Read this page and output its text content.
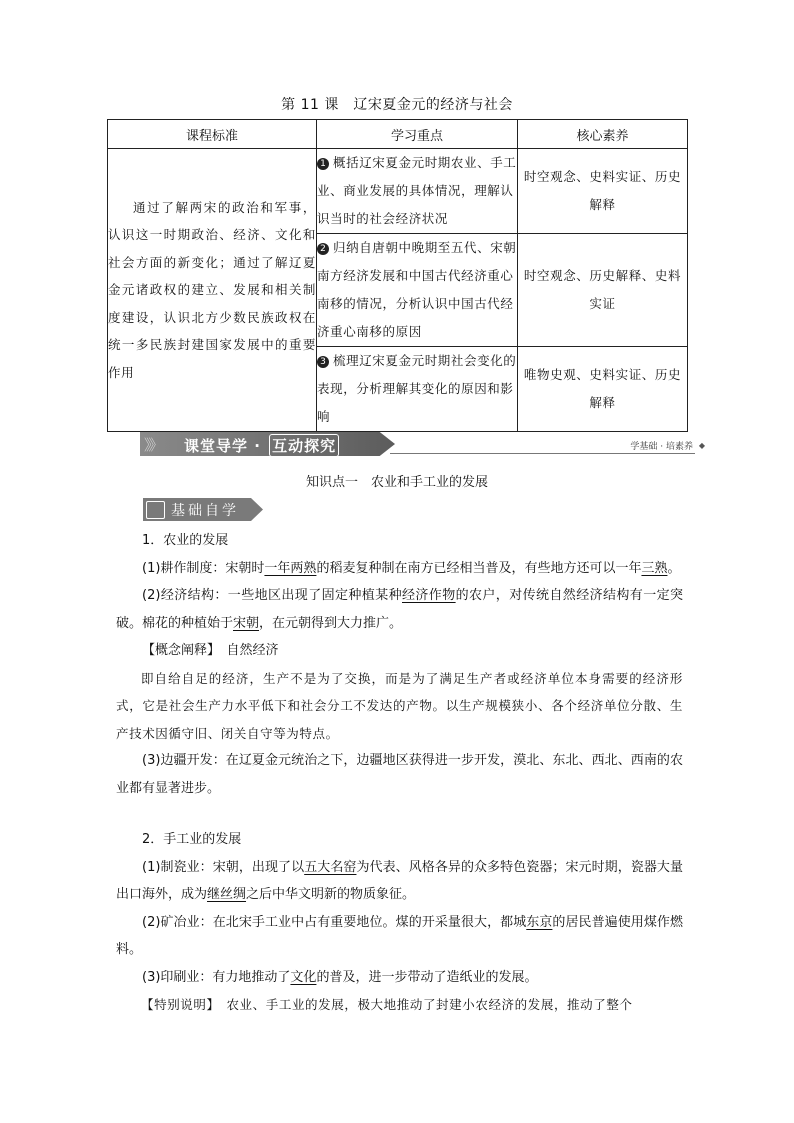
第 11 课　辽宋夏金元的经济与社会
课程标准	学习重点	核心素养

通过了解两宋的政治和军事，认识这一时期政治、经济、文化和社会方面的新变化；通过了解辽夏金元诸政权的建立、发展和相关制度建设，认识北方少数民族政权在统一多民族封建国家发展中的重要作用	1 概括辽宋夏金元时期农业、手工业、商业发展的具体情况，理解认识当时的社会经济状况	时空观念、史料实证、历史解释
	2 归纳自唐朝中晚期至五代、宋朝南方经济发展和中国古代经济重心南移的情况，分析认识中国古代经济重心南移的原因	时空观念、历史解释、史料实证
	3 梳理辽宋夏金元时期社会变化的表现，分析理解其变化的原因和影响	唯物史观、史料实证、历史解释
》》 课堂导学 · 互动探究	学基础 · 培素养 ◆
知识点一　农业和手工业的发展
基础自学

1．农业的发展

(1)耕作制度：宋朝时一年两熟的稻麦复种制在南方已经相当普及，有些地方还可以一年三熟。

(2)经济结构：一些地区出现了固定种植某种经济作物的农户，对传统自然经济结构有一定突破。棉花的种植始于宋朝，在元朝得到大力推广。

【概念阐释】　自然经济

即自给自足的经济，生产不是为了交换，而是为了满足生产者或经济单位本身需要的经济形式，它是社会生产力水平低下和社会分工不发达的产物。以生产规模狭小、各个经济单位分散、生产技术因循守旧、闭关自守等为特点。

(3)边疆开发：在辽夏金元统治之下，边疆地区获得进一步开发，漠北、东北、西北、西南的农业都有显著进步。

2．手工业的发展

(1)制瓷业：宋朝，出现了以五大名窑为代表、风格各异的众多特色瓷器；宋元时期，瓷器大量出口海外，成为继丝绸之后中华文明新的物质象征。

(2)矿冶业：在北宋手工业中占有重要地位。煤的开采量很大，都城东京的居民普遍使用煤作燃料。

(3)印刷业：有力地推动了文化的普及，进一步带动了造纸业的发展。

【特别说明】　农业、手工业的发展，极大地推动了封建小农经济的发展，推动了整个
